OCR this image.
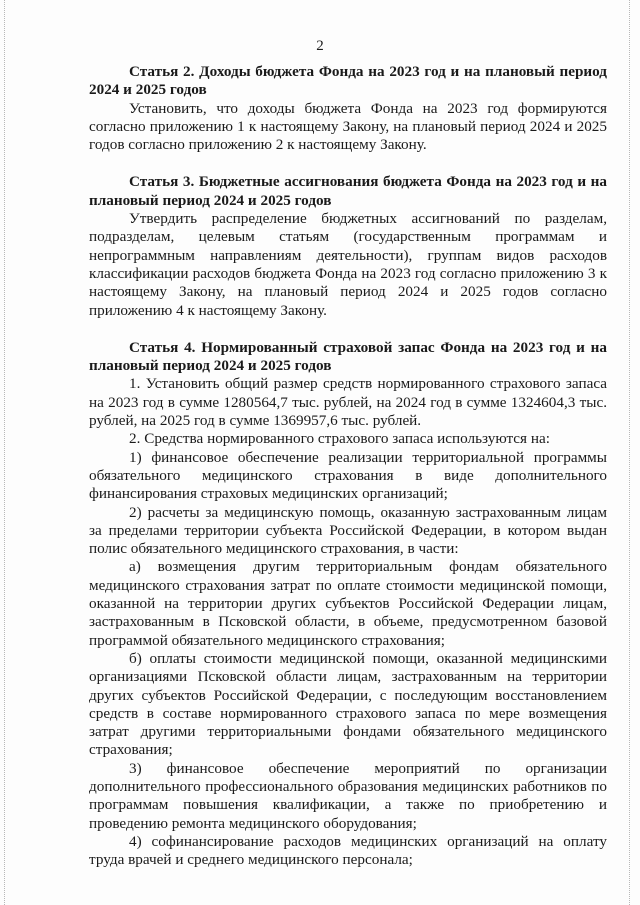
2

Статья 2. Доходы бюджета Фонда на 2023 год и на плановый период 2024 и 2025 годов

Установить, что доходы бюджета Фонда на 2023 год формируются согласно приложению 1 к настоящему Закону, на плановый период 2024 и 2025 годов согласно приложению 2 к настоящему Закону.

Статья 3. Бюджетные ассигнования бюджета Фонда на 2023 год и на плановый период 2024 и 2025 годов

Утвердить распределение бюджетных ассигнований по разделам, подразделам, целевым статьям (государственным программам и непрограммным направлениям деятельности), группам видов расходов классификации расходов бюджета Фонда на 2023 год согласно приложению 3 к настоящему Закону, на плановый период 2024 и 2025 годов согласно приложению 4 к настоящему Закону.

Статья 4. Нормированный страховой запас Фонда на 2023 год и на плановый период 2024 и 2025 годов

1. Установить общий размер средств нормированного страхового запаса на 2023 год в сумме 1280564,7 тыс. рублей, на 2024 год в сумме 1324604,3 тыс. рублей, на 2025 год в сумме 1369957,6 тыс. рублей.

2. Средства нормированного страхового запаса используются на:

1) финансовое обеспечение реализации территориальной программы обязательного медицинского страхования в виде дополнительного финансирования страховых медицинских организаций;

2) расчеты за медицинскую помощь, оказанную застрахованным лицам за пределами территории субъекта Российской Федерации, в котором выдан полис обязательного медицинского страхования, в части:

а) возмещения другим территориальным фондам обязательного медицинского страхования затрат по оплате стоимости медицинской помощи, оказанной на территории других субъектов Российской Федерации лицам, застрахованным в Псковской области, в объеме, предусмотренном базовой программой обязательного медицинского страхования;

б) оплаты стоимости медицинской помощи, оказанной медицинскими организациями Псковской области лицам, застрахованным на территории других субъектов Российской Федерации, с последующим восстановлением средств в составе нормированного страхового запаса по мере возмещения затрат другими территориальными фондами обязательного медицинского страхования;

3) финансовое обеспечение мероприятий по организации дополнительного профессионального образования медицинских работников по программам повышения квалификации, а также по приобретению и проведению ремонта медицинского оборудования;

4) софинансирование расходов медицинских организаций на оплату труда врачей и среднего медицинского персонала;
